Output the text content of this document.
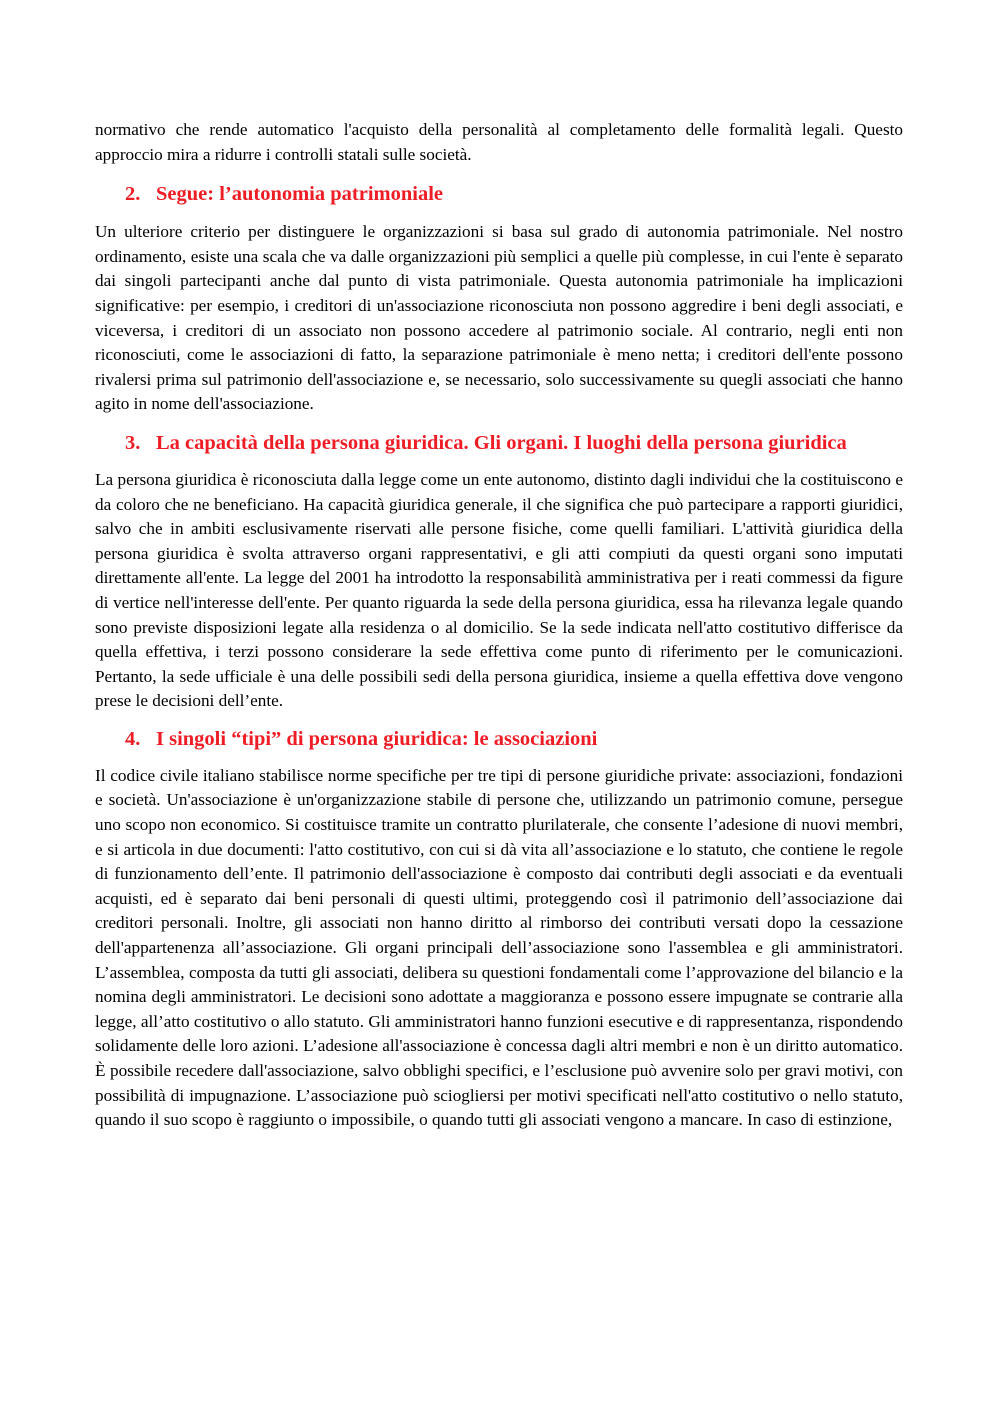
normativo che rende automatico l'acquisto della personalità al completamento delle formalità legali. Questo approccio mira a ridurre i controlli statali sulle società.

2. Segue: l’autonomia patrimoniale

Un ulteriore criterio per distinguere le organizzazioni si basa sul grado di autonomia patrimoniale. Nel nostro ordinamento, esiste una scala che va dalle organizzazioni più semplici a quelle più complesse, in cui l'ente è separato dai singoli partecipanti anche dal punto di vista patrimoniale. Questa autonomia patrimoniale ha implicazioni significative: per esempio, i creditori di un'associazione riconosciuta non possono aggredire i beni degli associati, e viceversa, i creditori di un associato non possono accedere al patrimonio sociale. Al contrario, negli enti non riconosciuti, come le associazioni di fatto, la separazione patrimoniale è meno netta; i creditori dell'ente possono rivalersi prima sul patrimonio dell'associazione e, se necessario, solo successivamente su quegli associati che hanno agito in nome dell'associazione.

3. La capacità della persona giuridica. Gli organi. I luoghi della persona giuridica

La persona giuridica è riconosciuta dalla legge come un ente autonomo, distinto dagli individui che la costituiscono e da coloro che ne beneficiano. Ha capacità giuridica generale, il che significa che può partecipare a rapporti giuridici, salvo che in ambiti esclusivamente riservati alle persone fisiche, come quelli familiari. L'attività giuridica della persona giuridica è svolta attraverso organi rappresentativi, e gli atti compiuti da questi organi sono imputati direttamente all'ente. La legge del 2001 ha introdotto la responsabilità amministrativa per i reati commessi da figure di vertice nell'interesse dell'ente. Per quanto riguarda la sede della persona giuridica, essa ha rilevanza legale quando sono previste disposizioni legate alla residenza o al domicilio. Se la sede indicata nell'atto costitutivo differisce da quella effettiva, i terzi possono considerare la sede effettiva come punto di riferimento per le comunicazioni. Pertanto, la sede ufficiale è una delle possibili sedi della persona giuridica, insieme a quella effettiva dove vengono prese le decisioni dell’ente.

4. I singoli “tipi” di persona giuridica: le associazioni

Il codice civile italiano stabilisce norme specifiche per tre tipi di persone giuridiche private: associazioni, fondazioni e società. Un'associazione è un'organizzazione stabile di persone che, utilizzando un patrimonio comune, persegue uno scopo non economico. Si costituisce tramite un contratto plurilaterale, che consente l’adesione di nuovi membri, e si articola in due documenti: l'atto costitutivo, con cui si dà vita all’associazione e lo statuto, che contiene le regole di funzionamento dell’ente. Il patrimonio dell'associazione è composto dai contributi degli associati e da eventuali acquisti, ed è separato dai beni personali di questi ultimi, proteggendo così il patrimonio dell’associazione dai creditori personali. Inoltre, gli associati non hanno diritto al rimborso dei contributi versati dopo la cessazione dell'appartenenza all’associazione. Gli organi principali dell’associazione sono l'assemblea e gli amministratori. L’assemblea, composta da tutti gli associati, delibera su questioni fondamentali come l’approvazione del bilancio e la nomina degli amministratori. Le decisioni sono adottate a maggioranza e possono essere impugnate se contrarie alla legge, all’atto costitutivo o allo statuto. Gli amministratori hanno funzioni esecutive e di rappresentanza, rispondendo solidamente delle loro azioni. L’adesione all'associazione è concessa dagli altri membri e non è un diritto automatico. È possibile recedere dall'associazione, salvo obblighi specifici, e l’esclusione può avvenire solo per gravi motivi, con possibilità di impugnazione. L’associazione può sciogliersi per motivi specificati nell'atto costitutivo o nello statuto, quando il suo scopo è raggiunto o impossibile, o quando tutti gli associati vengono a mancare. In caso di estinzione,
